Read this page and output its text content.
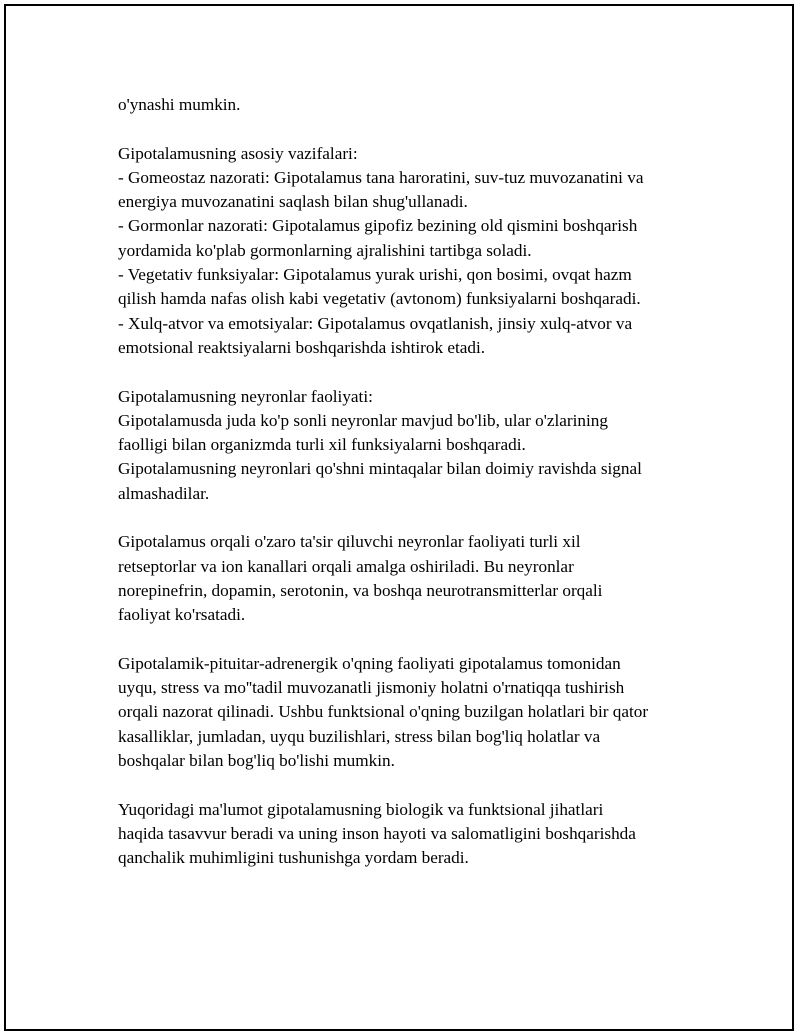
o'ynashi mumkin.
Gipotalamusning asosiy vazifalari:
- Gomeostaz nazorati: Gipotalamus tana haroratini, suv-tuz muvozanatini va
energiya muvozanatini saqlash bilan shug'ullanadi.
- Gormonlar nazorati: Gipotalamus gipofiz bezining old qismini boshqarish
yordamida ko'plab gormonlarning ajralishini tartibga soladi.
- Vegetativ funksiyalar: Gipotalamus yurak urishi, qon bosimi, ovqat hazm
qilish hamda nafas olish kabi vegetativ (avtonom) funksiyalarni boshqaradi.
- Xulq-atvor va emotsiyalar: Gipotalamus ovqatlanish, jinsiy xulq-atvor va
emotsional reaktsiyalarni boshqarishda ishtirok etadi.
Gipotalamusning neyronlar faoliyati:
Gipotalamusda juda ko'p sonli neyronlar mavjud bo'lib, ular o'zlarining
faolligi bilan organizmda turli xil funksiyalarni boshqaradi.
Gipotalamusning neyronlari qo'shni mintaqalar bilan doimiy ravishda signal
almashadilar.
Gipotalamus orqali o'zaro ta'sir qiluvchi neyronlar faoliyati turli xil
retseptorlar va ion kanallari orqali amalga oshiriladi. Bu neyronlar
norepinefrin, dopamin, serotonin, va boshqa neurotransmitterlar orqali
faoliyat ko'rsatadi.
Gipotalamik-pituitar-adrenergik o'qning faoliyati gipotalamus tomonidan
uyqu, stress va mo''tadil muvozanatli jismoniy holatni o'rnatiqqa tushirish
orqali nazorat qilinadi. Ushbu funktsional o'qning buzilgan holatlari bir qator
kasalliklar, jumladan, uyqu buzilishlari, stress bilan bog'liq holatlar va
boshqalar bilan bog'liq bo'lishi mumkin.
Yuqoridagi ma'lumot gipotalamusning biologik va funktsional jihatlari
haqida tasavvur beradi va uning inson hayoti va salomatligini boshqarishda
qanchalik muhimligini tushunishga yordam beradi.
